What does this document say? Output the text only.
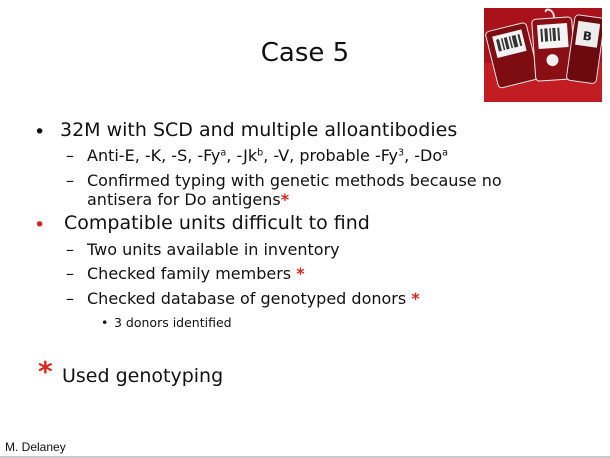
Case 5
B
• 32M with SCD and multiple alloantibodies
– Anti-E, -K, -S, -Fy$^a$, -Jk$^b$, -V, probable -Fy$^3$, -Do$^a$
– Confirmed typing with genetic methods because no
antisera for Do antigens*
• Compatible units difficult to find
– Two units available in inventory
– Checked family members *
– Checked database of genotyped donors *
• 3 donors identified
* Used genotyping
M. Delaney
